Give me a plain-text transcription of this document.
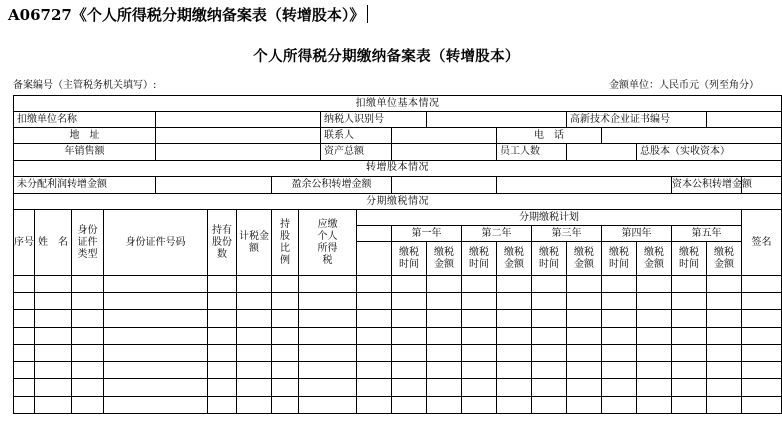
A06727《个人所得税分期缴纳备案表（转增股本）》
个人所得税分期缴纳备案表（转增股本）
备案编号（主管税务机关填写）:	金额单位：人民币元（列至角分）
扣缴单位基本情况																						
扣缴单位名称									纳税人识别号							高新技术企业证书编号						
地　址									联系人					电　话								
年销售额									资产总额					员工人数				总股本（实收资本）				
转增股本情况																						
未分配利润转增金额							盈余公积转增金额												资本公积转增金额			
分期缴税情况																						
序号	姓　名	身份证件类型	身份证件号码		持有股份数	计税金额	持股比例	应缴个人所得税		分期缴税计划											签名	
											第一年		第二年		第三年		第四年		第五年			
											缴税时间	缴税金额	缴税时间	缴税金额	缴税时间	缴税金额	缴税时间	缴税金额	缴税时间	缴税金额		
